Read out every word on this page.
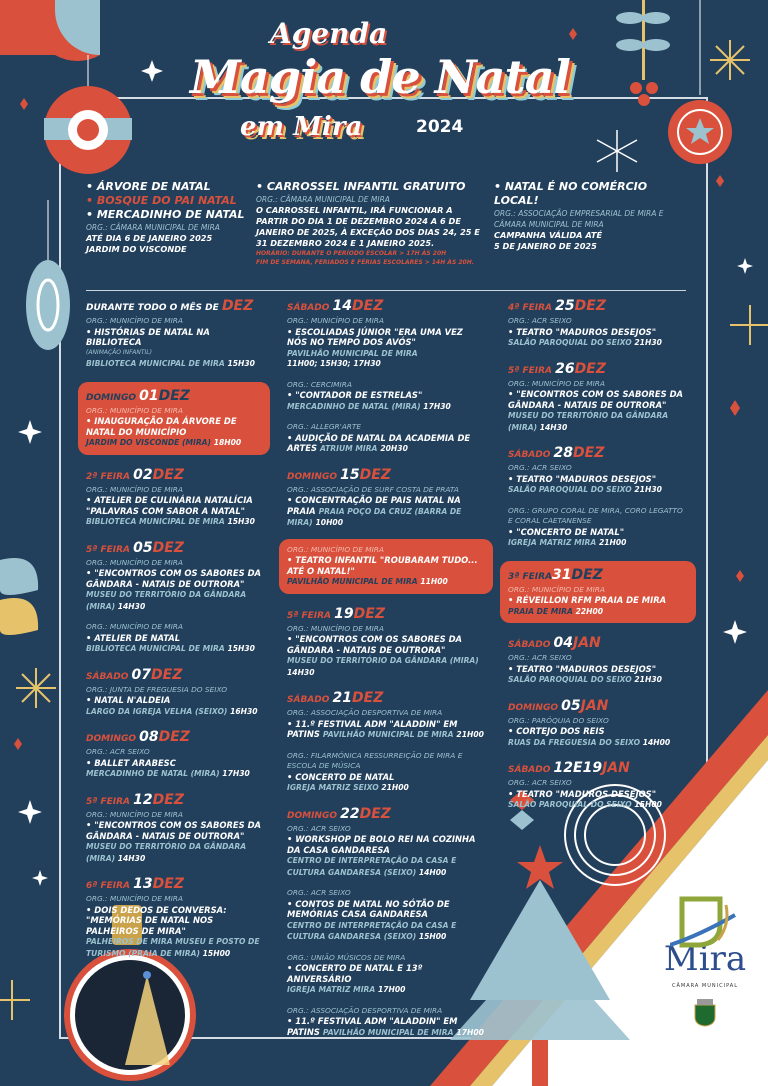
Agenda
Magia de Natal
em Mira	2024
• ÁRVORE DE NATAL
• BOSQUE DO PAI NATAL
• MERCADINHO DE NATAL
ORG.: CÂMARA MUNICIPAL DE MIRA
ATÉ DIA 6 DE JANEIRO 2025
JARDIM DO VISCONDE
• CARROSSEL INFANTIL GRATUITO
ORG.: CÂMARA MUNICIPAL DE MIRA
O CARROSSEL INFANTIL, IRÁ FUNCIONAR A PARTIR DO DIA 1 DE DEZEMBRO 2024 A 6 DE JANEIRO DE 2025, À EXCEÇÃO DOS DIAS 24, 25 E 31 DEZEMBRO 2024 E 1 JANEIRO 2025.
HORÁRIO: DURANTE O PERÍODO ESCOLAR > 17H ÀS 20H
FIM DE SEMANA, FERIADOS E FÉRIAS ESCOLARES > 14H ÀS 20H.
• NATAL É NO COMÉRCIO LOCAL!
ORG.: ASSOCIAÇÃO EMPRESARIAL DE MIRA E CÂMARA MUNICIPAL DE MIRA
CAMPANHA VÁLIDA ATÉ
5 DE JANEIRO DE 2025
DURANTE TODO O MÊS DE DEZ
ORG.: MUNICÍPIO DE MIRA
• HISTÓRIAS DE NATAL NA BIBLIOTECA
(ANIMAÇÃO INFANTIL)
BIBLIOTECA MUNICIPAL DE MIRA 15H30
DOMINGO 01DEZ
ORG.: MUNICÍPIO DE MIRA
• INAUGURAÇÃO DA ÁRVORE DE NATAL DO MUNICÍPIO
JARDIM DO VISCONDE (MIRA) 18H00
2ª FEIRA 02DEZ
ORG.: MUNICÍPIO DE MIRA
• ATELIER DE CULINÁRIA NATALÍCIA "PALAVRAS COM SABOR A NATAL"
BIBLIOTECA MUNICIPAL DE MIRA 15H30
5ª FEIRA 05DEZ
ORG.: MUNICÍPIO DE MIRA
• "ENCONTROS COM OS SABORES DA GÂNDARA - NATAIS DE OUTRORA"
MUSEU DO TERRITÓRIO DA GÂNDARA (MIRA) 14H30
ORG.: MUNICÍPIO DE MIRA
• ATELIER DE NATAL
BIBLIOTECA MUNICIPAL DE MIRA 15H30
SÁBADO 07DEZ
ORG.: JUNTA DE FREGUESIA DO SEIXO
• NATAL N'ALDEIA
LARGO DA IGREJA VELHA (SEIXO) 16H30
DOMINGO 08DEZ
ORG.: ACR SEIXO
• BALLET ARABESC
MERCADINHO DE NATAL (MIRA) 17H30
5ª FEIRA 12DEZ
ORG.: MUNICÍPIO DE MIRA
• "ENCONTROS COM OS SABORES DA GÂNDARA - NATAIS DE OUTRORA"
MUSEU DO TERRITÓRIO DA GÂNDARA (MIRA) 14H30
6ª FEIRA 13DEZ
ORG.: MUNICÍPIO DE MIRA
• DOIS DEDOS DE CONVERSA: "MEMÓRIAS DE NATAL NOS PALHEIROS DE MIRA"
PALHEIROS DE MIRA MUSEU E POSTO DE TURISMO (PRAIA DE MIRA) 15H00
SÁBADO 14DEZ
ORG.: MUNICÍPIO DE MIRA
• ESCOLIADAS JÚNIOR "ERA UMA VEZ NÓS NO TEMPO DOS AVÓS"
PAVILHÃO MUNICIPAL DE MIRA
11H00; 15H30; 17H30
ORG.: CERCIMIRA
• "CONTADOR DE ESTRELAS"
MERCADINHO DE NATAL (MIRA) 17H30
ORG.: ALLEGR'ARTE
• AUDIÇÃO DE NATAL DA ACADEMIA DE ARTES ATRIUM MIRA 20H30
DOMINGO 15DEZ
ORG.: ASSOCIAÇÃO DE SURF COSTA DE PRATA
• CONCENTRAÇÃO DE PAIS NATAL NA PRAIA PRAIA POÇO DA CRUZ (BARRA DE MIRA) 10H00
ORG.: MUNICÍPIO DE MIRA
• TEATRO INFANTIL "ROUBARAM TUDO... ATÉ O NATAL!"
PAVILHÃO MUNICIPAL DE MIRA 11H00
5ª FEIRA 19DEZ
ORG.: MUNICÍPIO DE MIRA
• "ENCONTROS COM OS SABORES DA GÂNDARA - NATAIS DE OUTRORA"
MUSEU DO TERRITÓRIO DA GÂNDARA (MIRA) 14H30
SÁBADO 21DEZ
ORG.: ASSOCIAÇÃO DESPORTIVA DE MIRA
• 11.º FESTIVAL ADM "ALADDIN" EM PATINS PAVILHÃO MUNICIPAL DE MIRA 21H00
ORG.: FILARMÓNICA RESSURREIÇÃO DE MIRA E ESCOLA DE MÚSICA
• CONCERTO DE NATAL
IGREJA MATRIZ SEIXO 21H00
DOMINGO 22DEZ
ORG.: ACR SEIXO
• WORKSHOP DE BOLO REI NA COZINHA DA CASA GANDARESA
CENTRO DE INTERPRETAÇÃO DA CASA E CULTURA GANDARESA (SEIXO) 14H00
ORG.: ACR SEIXO
• CONTOS DE NATAL NO SÓTÃO DE MEMÓRIAS CASA GANDARESA
CENTRO DE INTERPRETAÇÃO DA CASA E CULTURA GANDARESA (SEIXO) 15H00
ORG.: UNIÃO MÚSICOS DE MIRA
• CONCERTO DE NATAL E 13º ANIVERSÁRIO
IGREJA MATRIZ MIRA 17H00
ORG.: ASSOCIAÇÃO DESPORTIVA DE MIRA
• 11.º FESTIVAL ADM "ALADDIN" EM PATINS PAVILHÃO MUNICIPAL DE MIRA 17H00
4ª FEIRA 25DEZ
ORG.: ACR SEIXO
• TEATRO "MADUROS DESEJOS"
SALÃO PAROQUIAL DO SEIXO 21H30
5ª FEIRA 26DEZ
ORG.: MUNICÍPIO DE MIRA
• "ENCONTROS COM OS SABORES DA GÂNDARA - NATAIS DE OUTRORA"
MUSEU DO TERRITÓRIO DA GÂNDARA (MIRA) 14H30
SÁBADO 28DEZ
ORG.: ACR SEIXO
• TEATRO "MADUROS DESEJOS"
SALÃO PAROQUIAL DO SEIXO 21H30
ORG.: GRUPO CORAL DE MIRA, CORO LEGATTO E CORAL CAETANENSE
• "CONCERTO DE NATAL"
IGREJA MATRIZ MIRA 21H00
3ª FEIRA31DEZ
ORG.: MUNICÍPIO DE MIRA
• RÉVEILLON RFM PRAIA DE MIRA
PRAIA DE MIRA 22H00
SÁBADO 04JAN
ORG.: ACR SEIXO
• TEATRO "MADUROS DESEJOS"
SALÃO PAROQUIAL DO SEIXO 21H30
DOMINGO 05JAN
ORG.: PARÓQUIA DO SEIXO
• CORTEJO DOS REIS
RUAS DA FREGUESIA DO SEIXO 14H00
SÁBADO 12E19JAN
ORG.: ACR SEIXO
• TEATRO "MADUROS DESEJOS"
SALÃO PAROQUIAL DO SEIXO 15H00
Mira
CÂMARA MUNICIPAL
